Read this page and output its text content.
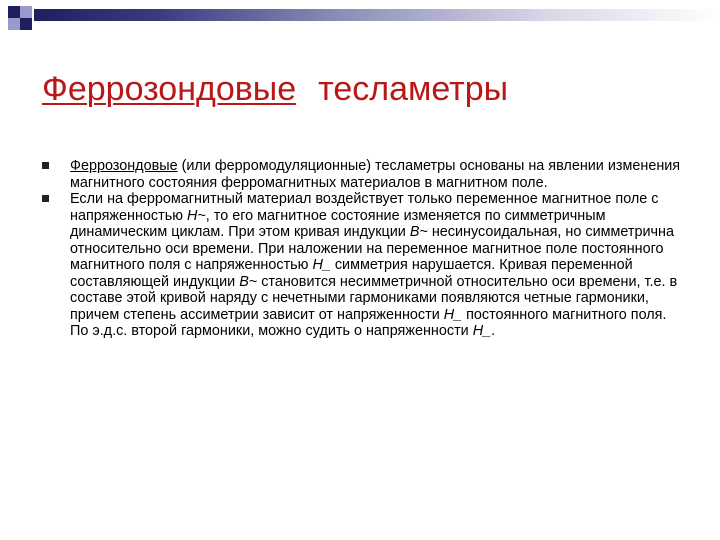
Феррозондовые тесламетры
Феррозондовые (или ферромодуляционные) тесламетры основаны на явлении изменения магнитного состояния ферромагнитных материалов в магнитном поле.
Если на ферромагнитный материал воздействует только переменное магнитное поле с напряженностью H~, то его магнитное состояние изменяется по симметричным динамическим циклам. При этом кривая индукции B~ несинусоидальная, но симметрична относительно оси времени. При наложении на переменное магнитное поле постоянного магнитного поля с напряженностью H_ симметрия нарушается. Кривая переменной составляющей индукции B~ становится несимметричной относительно оси времени, т.е. в составе этой кривой наряду с нечетными гармониками появляются четные гармоники, причем степень ассиметрии зависит от напряженности H_ постоянного магнитного поля. По э.д.с. второй гармоники, можно судить о напряженности H_.
